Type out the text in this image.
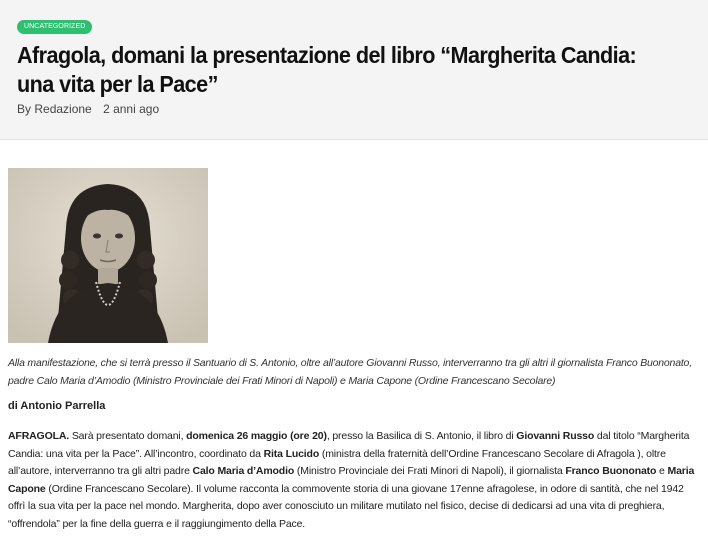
UNCATEGORIZED
Afragola, domani la presentazione del libro “Margherita Candia: una vita per la Pace”
By Redazione 2 anni ago
Alla manifestazione, che si terrà presso il Santuario di S. Antonio, oltre all’autore Giovanni Russo, interverranno tra gli altri il giornalista Franco Buononato, padre Calo Maria d’Amodio (Ministro Provinciale dei Frati Minori di Napoli) e Maria Capone (Ordine Francescano Secolare)
di Antonio Parrella
AFRAGOLA. Sarà presentato domani, domenica 26 maggio (ore 20), presso la Basilica di S. Antonio, il libro di Giovanni Russo dal titolo “Margherita Candia: una vita per la Pace”. All’incontro, coordinato da Rita Lucido (ministra della fraternità dell’Ordine Francescano Secolare di Afragola ), oltre all’autore, interverranno tra gli altri padre Calo Maria d’Amodio (Ministro Provinciale dei Frati Minori di Napoli), il giornalista Franco Buononato e Maria Capone (Ordine Francescano Secolare). Il volume racconta la commovente storia di una giovane 17enne afragolese, in odore di santità, che nel 1942 offrì la sua vita per la pace nel mondo. Margherita, dopo aver conosciuto un militare mutilato nel fisico, decise di dedicarsi ad una vita di preghiera, “offrendola” per la fine della guerra e il raggiungimento della Pace.
